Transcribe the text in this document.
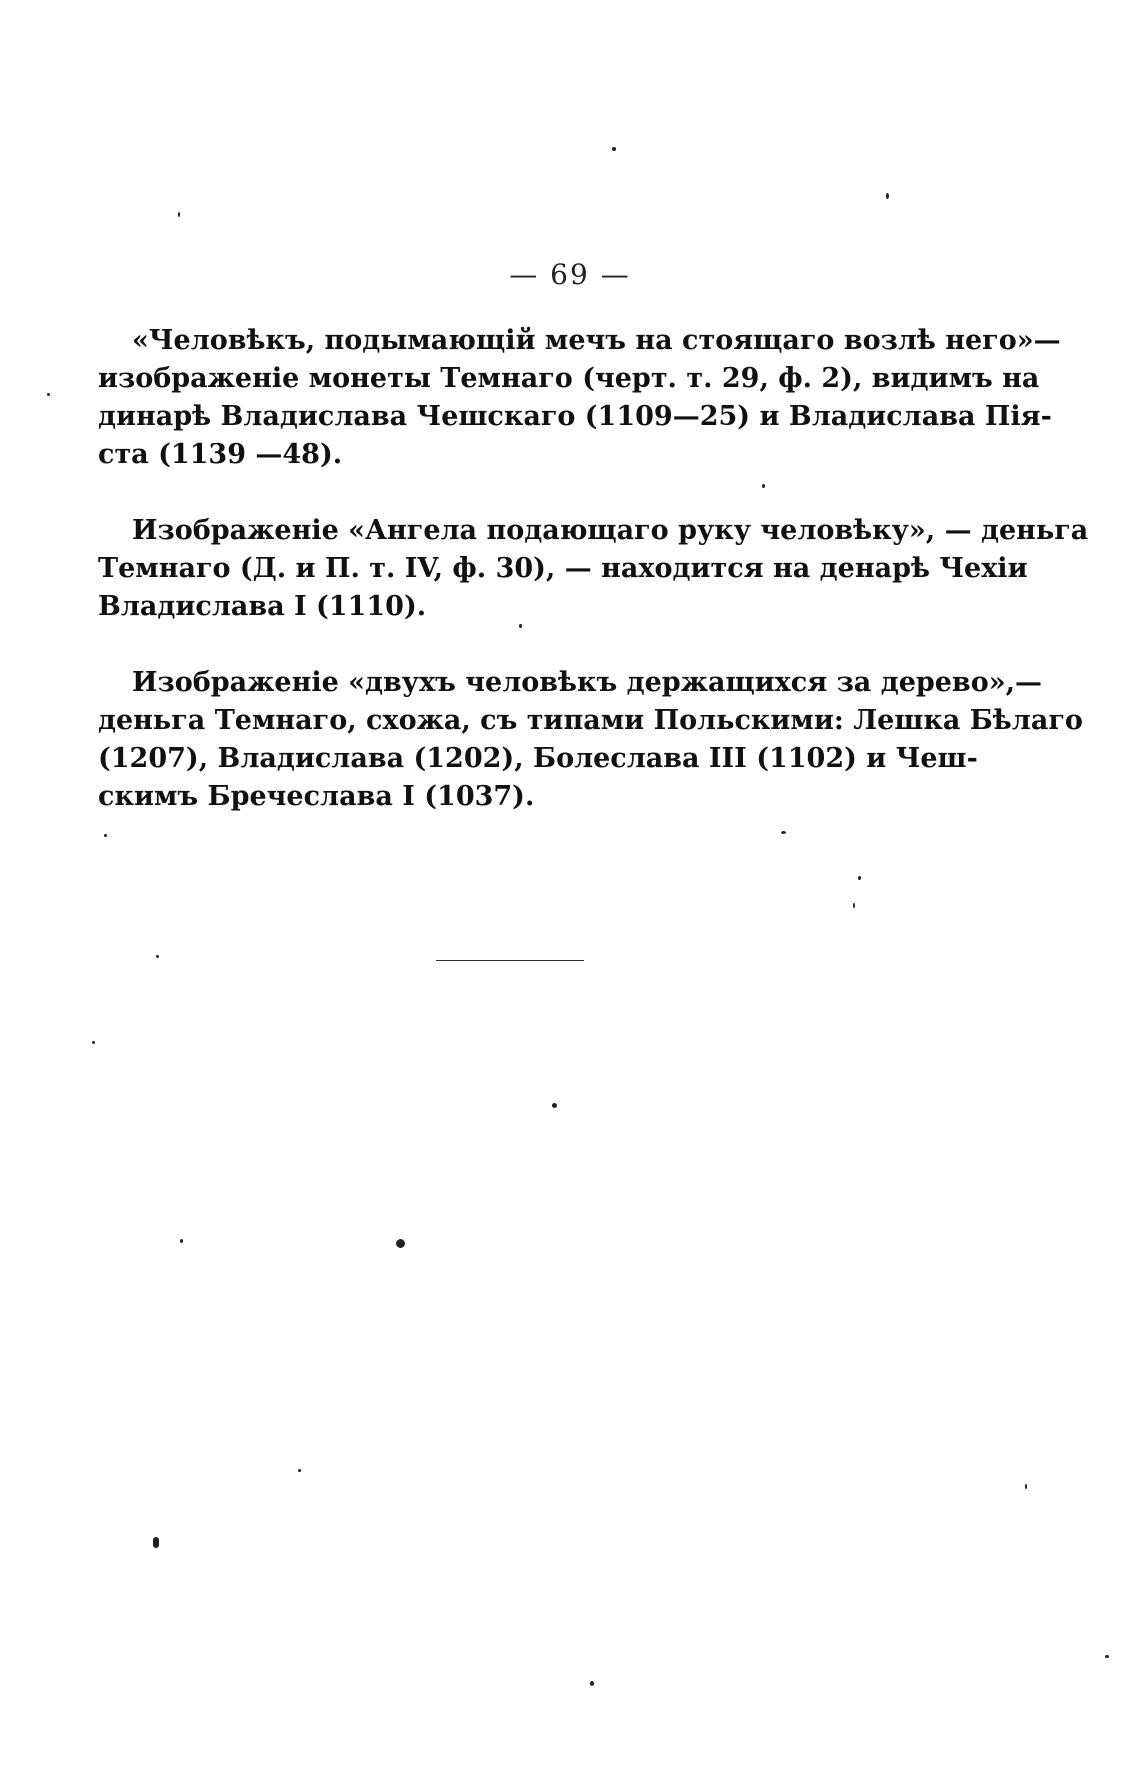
— 69 —
«Человѣкъ, подымающій мечъ на стоящаго возлѣ него»—
изображеніе монеты Темнаго (черт. т. 29, ф. 2), видимъ на
динарѣ Владислава Чешскаго (1109—25) и Владислава Пія-
ста (1139 —48).
Изображеніе «Ангела подающаго руку человѣку», — деньга
Темнаго (Д. и П. т. IV, ф. 30), — находится на денарѣ Чехіи
Владислава I (1110).
Изображеніе «двухъ человѣкъ держащихся за дерево»,—
деньга Темнаго, схожа, съ типами Польскими: Лешка Бѣлаго
(1207), Владислава (1202), Болеслава III (1102) и Чеш-
скимъ Бречеслава I (1037).
